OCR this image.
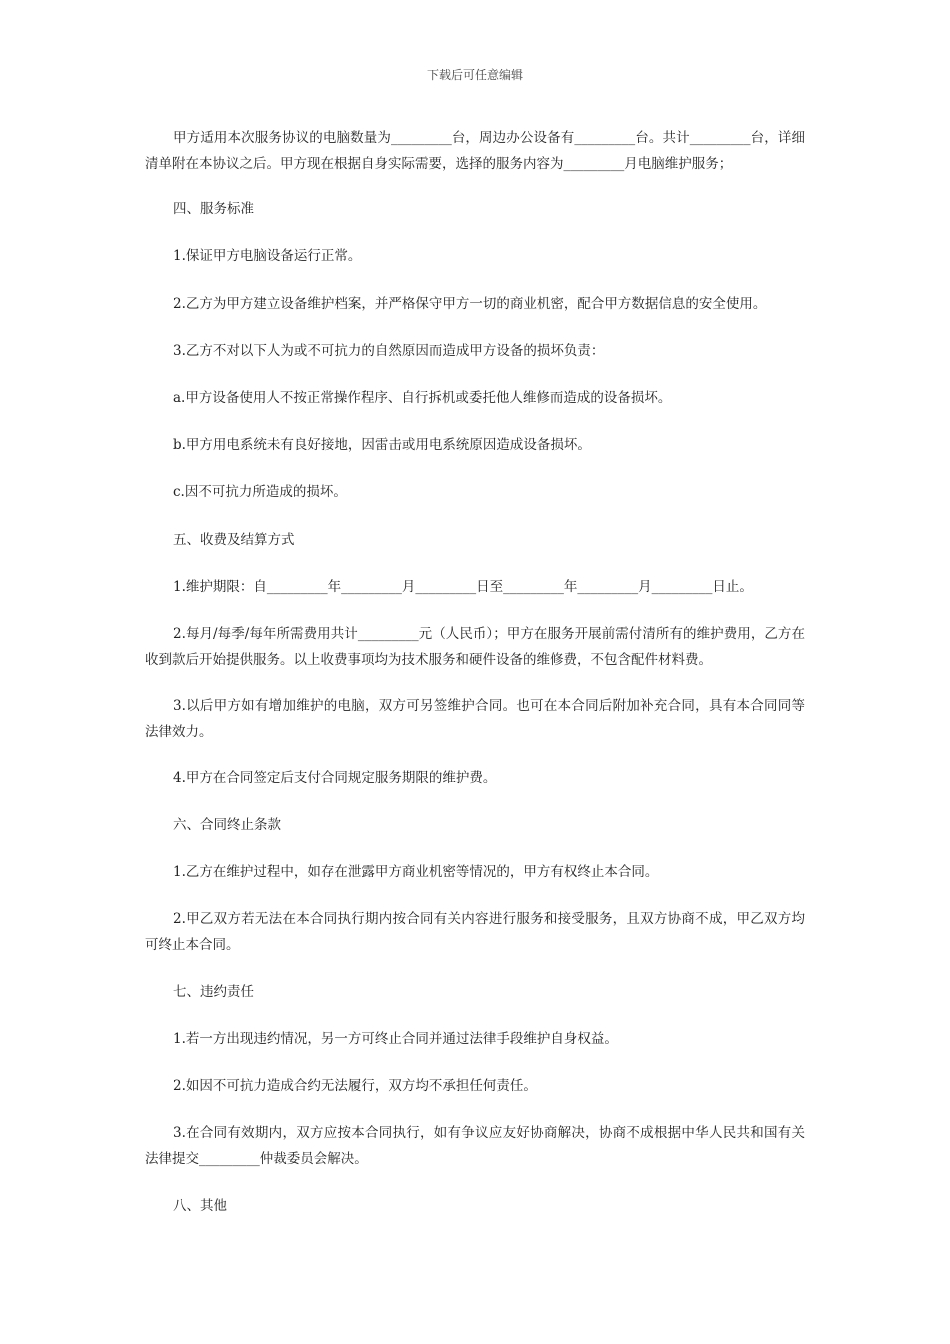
下载后可任意编辑

甲方适用本次服务协议的电脑数量为_________台，周边办公设备有_________台。共计_________台，详细清单附在本协议之后。甲方现在根据自身实际需要，选择的服务内容为_________月电脑维护服务；

四、服务标准

1.保证甲方电脑设备运行正常。

2.乙方为甲方建立设备维护档案，并严格保守甲方一切的商业机密，配合甲方数据信息的安全使用。

3.乙方不对以下人为或不可抗力的自然原因而造成甲方设备的损坏负责：

a.甲方设备使用人不按正常操作程序、自行拆机或委托他人维修而造成的设备损坏。

b.甲方用电系统未有良好接地，因雷击或用电系统原因造成设备损坏。

c.因不可抗力所造成的损坏。

五、收费及结算方式

1.维护期限：自_________年_________月_________日至_________年_________月_________日止。

2.每月/每季/每年所需费用共计_________元（人民币）；甲方在服务开展前需付清所有的维护费用，乙方在收到款后开始提供服务。以上收费事项均为技术服务和硬件设备的维修费，不包含配件材料费。

3.以后甲方如有增加维护的电脑，双方可另签维护合同。也可在本合同后附加补充合同，具有本合同同等法律效力。

4.甲方在合同签定后支付合同规定服务期限的维护费。

六、合同终止条款

1.乙方在维护过程中，如存在泄露甲方商业机密等情况的，甲方有权终止本合同。

2.甲乙双方若无法在本合同执行期内按合同有关内容进行服务和接受服务，且双方协商不成，甲乙双方均可终止本合同。

七、违约责任

1.若一方出现违约情况，另一方可终止合同并通过法律手段维护自身权益。

2.如因不可抗力造成合约无法履行，双方均不承担任何责任。

3.在合同有效期内，双方应按本合同执行，如有争议应友好协商解决，协商不成根据中华人民共和国有关法律提交_________仲裁委员会解决。

八、其他
